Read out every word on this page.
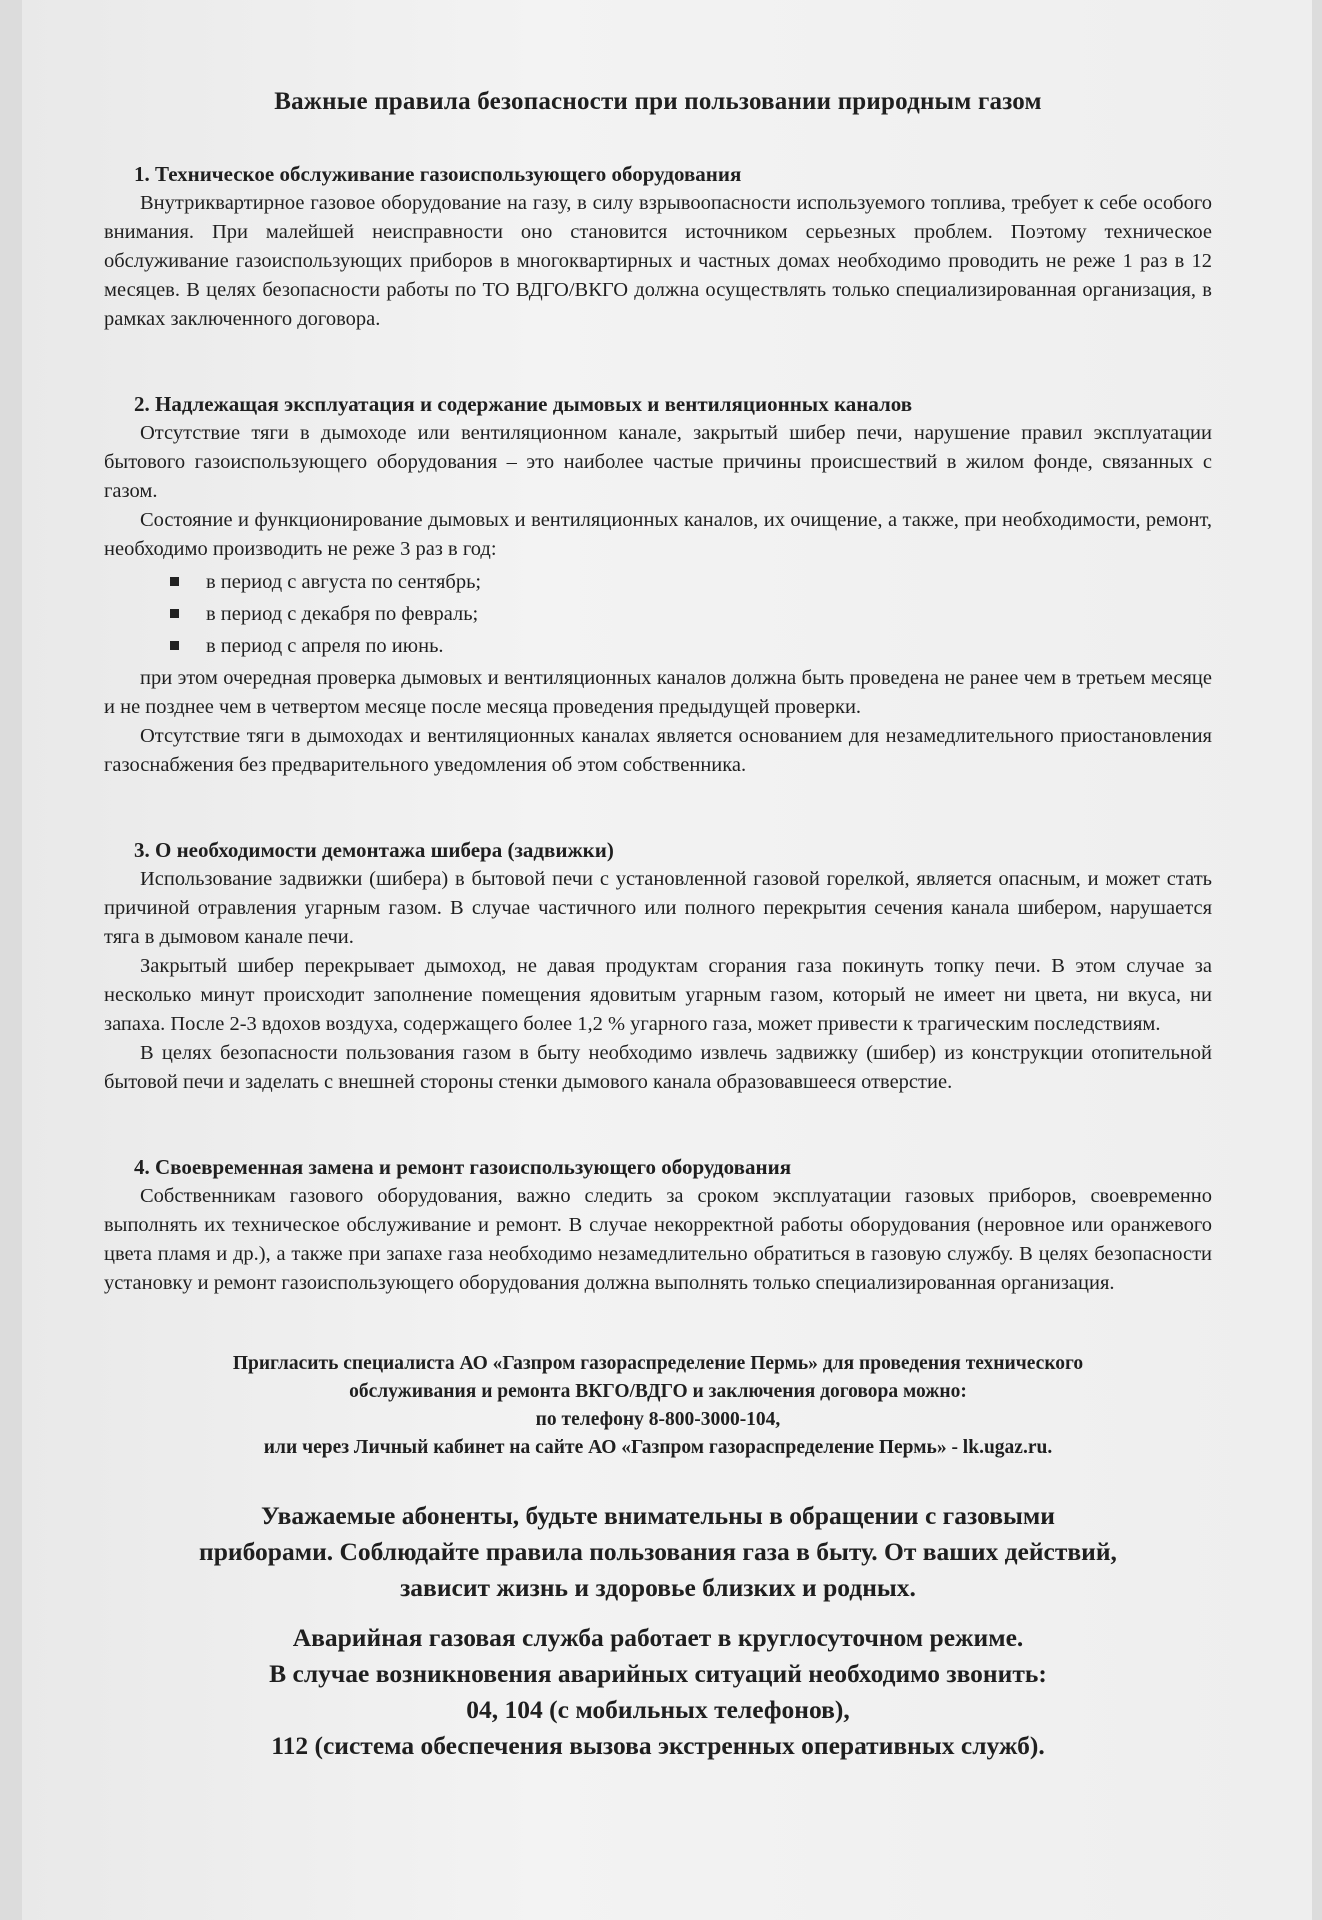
Важные правила безопасности при пользовании природным газом
1. Техническое обслуживание газоиспользующего оборудования

Внутриквартирное газовое оборудование на газу, в силу взрывоопасности используемого топлива, требует к себе особого внимания. При малейшей неисправности оно становится источником серьезных проблем. Поэтому техническое обслуживание газоиспользующих приборов в многоквартирных и частных домах необходимо проводить не реже 1 раз в 12 месяцев. В целях безопасности работы по ТО ВДГО/ВКГО должна осуществлять только специализированная организация, в рамках заключенного договора.

2. Надлежащая эксплуатация и содержание дымовых и вентиляционных каналов

Отсутствие тяги в дымоходе или вентиляционном канале, закрытый шибер печи, нарушение правил эксплуатации бытового газоиспользующего оборудования – это наиболее частые причины происшествий в жилом фонде, связанных с газом.

Состояние и функционирование дымовых и вентиляционных каналов, их очищение, а также, при необходимости, ремонт, необходимо производить не реже 3 раз в год:

в период с августа по сентябрь;
в период с декабря по февраль;
в период с апреля по июнь.

при этом очередная проверка дымовых и вентиляционных каналов должна быть проведена не ранее чем в третьем месяце и не позднее чем в четвертом месяце после месяца проведения предыдущей проверки.

Отсутствие тяги в дымоходах и вентиляционных каналах является основанием для незамедлительного приостановления газоснабжения без предварительного уведомления об этом собственника.

3. О необходимости демонтажа шибера (задвижки)

Использование задвижки (шибера) в бытовой печи с установленной газовой горелкой, является опасным, и может стать причиной отравления угарным газом. В случае частичного или полного перекрытия сечения канала шибером, нарушается тяга в дымовом канале печи.

Закрытый шибер перекрывает дымоход, не давая продуктам сгорания газа покинуть топку печи. В этом случае за несколько минут происходит заполнение помещения ядовитым угарным газом, который не имеет ни цвета, ни вкуса, ни запаха. После 2-3 вдохов воздуха, содержащего более 1,2 % угарного газа, может привести к трагическим последствиям.

В целях безопасности пользования газом в быту необходимо извлечь задвижку (шибер) из конструкции отопительной бытовой печи и заделать с внешней стороны стенки дымового канала образовавшееся отверстие.

4. Своевременная замена и ремонт газоиспользующего оборудования

Собственникам газового оборудования, важно следить за сроком эксплуатации газовых приборов, своевременно выполнять их техническое обслуживание и ремонт. В случае некорректной работы оборудования (неровное или оранжевого цвета пламя и др.), а также при запахе газа необходимо незамедлительно обратиться в газовую службу. В целях безопасности установку и ремонт газоиспользующего оборудования должна выполнять только специализированная организация.

Пригласить специалиста АО «Газпром газораспределение Пермь» для проведения технического
обслуживания и ремонта ВКГО/ВДГО и заключения договора можно:
по телефону 8-800-3000-104,
или через Личный кабинет на сайте АО «Газпром газораспределение Пермь» - lk.ugaz.ru.
Уважаемые абоненты, будьте внимательны в обращении с газовыми
приборами. Соблюдайте правила пользования газа в быту. От ваших действий,
зависит жизнь и здоровье близких и родных.
Аварийная газовая служба работает в круглосуточном режиме.
В случае возникновения аварийных ситуаций необходимо звонить:
04, 104 (с мобильных телефонов),
112 (система обеспечения вызова экстренных оперативных служб).
